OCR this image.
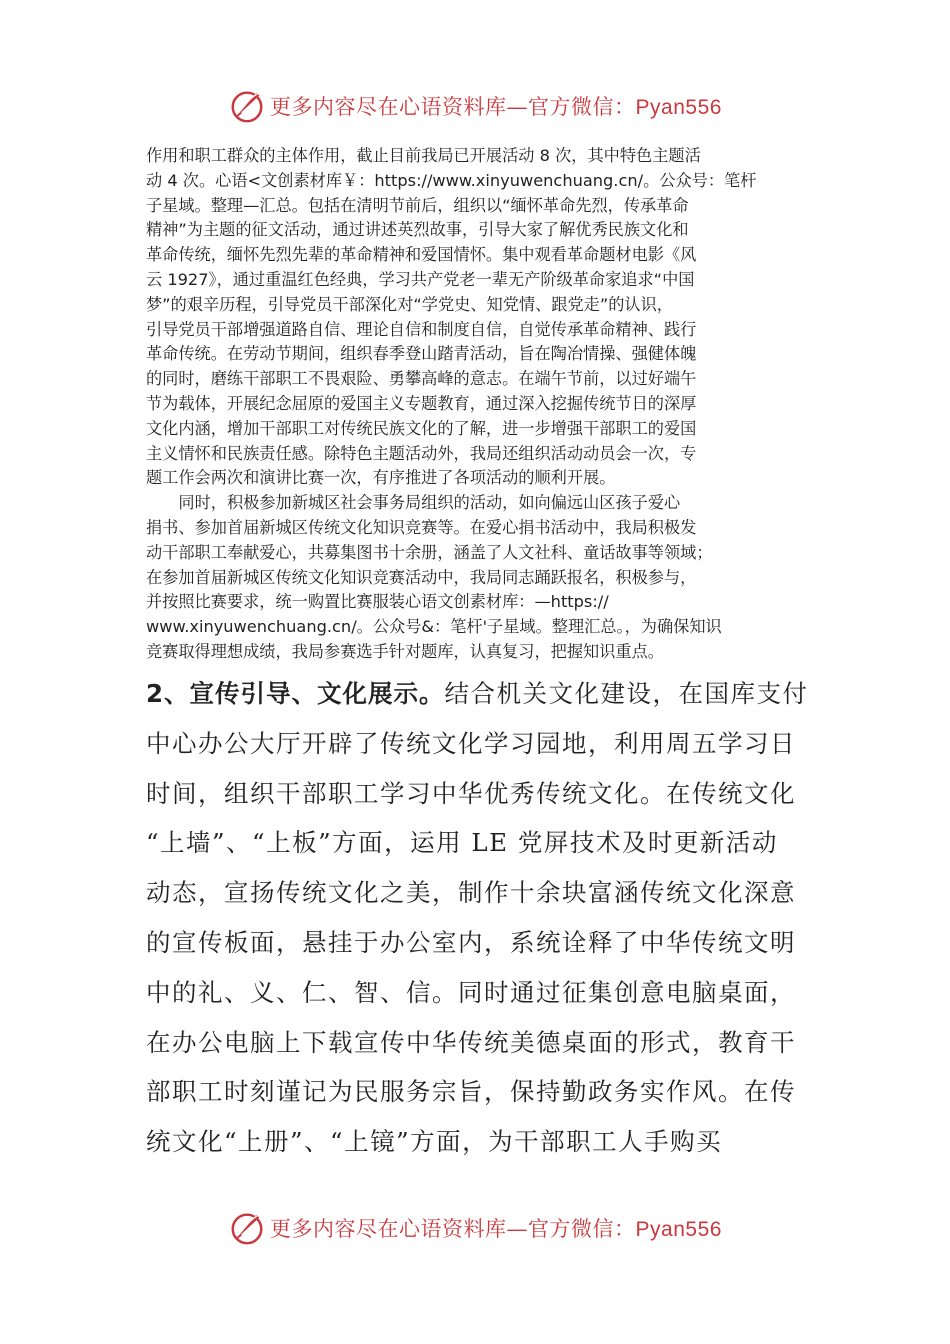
更多内容尽在心语资料库—官方微信：Pyan556
作用和职工群众的主体作用，截止目前我局已开展活动 8 次，其中特色主题活
动 4 次。心语<文创素材库￥：https://www.xinyuwenchuang.cn/。公众号：笔杆
子星域。整理—汇总。包括在清明节前后，组织以“缅怀革命先烈，传承革命
精神”为主题的征文活动，通过讲述英烈故事，引导大家了解优秀民族文化和
革命传统，缅怀先烈先辈的革命精神和爱国情怀。集中观看革命题材电影《风
云 1927》，通过重温红色经典，学习共产党老一辈无产阶级革命家追求“中国
梦”的艰辛历程，引导党员干部深化对“学党史、知党情、跟党走”的认识，
引导党员干部增强道路自信、理论自信和制度自信，自觉传承革命精神、践行
革命传统。在劳动节期间，组织春季登山踏青活动，旨在陶冶情操、强健体魄
的同时，磨练干部职工不畏艰险、勇攀高峰的意志。在端午节前，以过好端午
节为载体，开展纪念屈原的爱国主义专题教育，通过深入挖掘传统节日的深厚
文化内涵，增加干部职工对传统民族文化的了解，进一步增强干部职工的爱国
主义情怀和民族责任感。除特色主题活动外，我局还组织活动动员会一次，专
题工作会两次和演讲比赛一次，有序推进了各项活动的顺利开展。
同时，积极参加新城区社会事务局组织的活动，如向偏远山区孩子爱心
捐书、参加首届新城区传统文化知识竞赛等。在爱心捐书活动中，我局积极发
动干部职工奉献爱心，共募集图书十余册，涵盖了人文社科、童话故事等领域；
在参加首届新城区传统文化知识竞赛活动中，我局同志踊跃报名，积极参与，
并按照比赛要求，统一购置比赛服装心语文创素材库：—https://
www.xinyuwenchuang.cn/。公众号&：笔杆'子星域。整理汇总。，为确保知识
竞赛取得理想成绩，我局参赛选手针对题库，认真复习，把握知识重点。
2、宣传引导、文化展示。结合机关文化建设，在国库支付
中心办公大厅开辟了传统文化学习园地，利用周五学习日
时间，组织干部职工学习中华优秀传统文化。在传统文化
“上墙”、“上板”方面，运用 LE 党屏技术及时更新活动
动态，宣扬传统文化之美，制作十余块富涵传统文化深意
的宣传板面，悬挂于办公室内，系统诠释了中华传统文明
中的礼、义、仁、智、信。同时通过征集创意电脑桌面，
在办公电脑上下载宣传中华传统美德桌面的形式，教育干
部职工时刻谨记为民服务宗旨，保持勤政务实作风。在传
统文化“上册”、“上镜”方面，为干部职工人手购买
更多内容尽在心语资料库—官方微信：Pyan556
